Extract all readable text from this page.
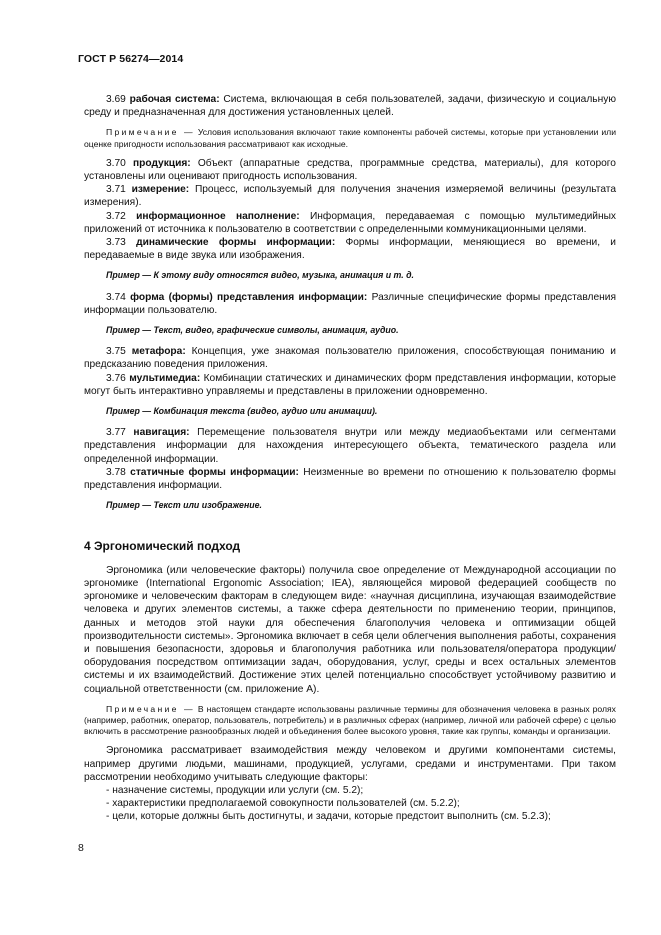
ГОСТ Р 56274—2014

3.69 рабочая система: Система, включающая в себя пользователей, задачи, физическую и социальную среду и предназначенная для достижения установленных целей.

Примечание — Условия использования включают такие компоненты рабочей системы, которые при установлении или оценке пригодности использования рассматривают как исходные.

3.70 продукция: Объект (аппаратные средства, программные средства, материалы), для которого установлены или оценивают пригодность использования.

3.71 измерение: Процесс, используемый для получения значения измеряемой величины (результата измерения).

3.72 информационное наполнение: Информация, передаваемая с помощью мультимедийных приложений от источника к пользователю в соответствии с определенными коммуникационными целями.

3.73 динамические формы информации: Формы информации, меняющиеся во времени, и передаваемые в виде звука или изображения.

Пример — К этому виду относятся видео, музыка, анимация и т. д.

3.74 форма (формы) представления информации: Различные специфические формы представления информации пользователю.

Пример — Текст, видео, графические символы, анимация, аудио.

3.75 метафора: Концепция, уже знакомая пользователю приложения, способствующая пониманию и предсказанию поведения приложения.

3.76 мультимедиа: Комбинации статических и динамических форм представления информации, которые могут быть интерактивно управляемы и представлены в приложении одновременно.

Пример — Комбинация текста (видео, аудио или анимации).

3.77 навигация: Перемещение пользователя внутри или между медиаобъектами или сегментами представления информации для нахождения интересующего объекта, тематического раздела или определенной информации.

3.78 статичные формы информации: Неизменные во времени по отношению к пользователю формы представления информации.

Пример — Текст или изображение.

4 Эргономический подход

Эргономика (или человеческие факторы) получила свое определение от Международной ассоциации по эргономике (International Ergonomic Association; IEA), являющейся мировой федерацией сообществ по эргономике и человеческим факторам в следующем виде: «научная дисциплина, изучающая взаимодействие человека и других элементов системы, а также сфера деятельности по применению теории, принципов, данных и методов этой науки для обеспечения благополучия человека и оптимизации общей производительности системы». Эргономика включает в себя цели облегчения выполнения работы, сохранения и повышения безопасности, здоровья и благополучия работника или пользователя/оператора продукции/оборудования посредством оптимизации задач, оборудования, услуг, среды и всех остальных элементов системы и их взаимодействий. Достижение этих целей потенциально способствует устойчивому развитию и социальной ответственности (см. приложение А).

Примечание — В настоящем стандарте использованы различные термины для обозначения человека в разных ролях (например, работник, оператор, пользователь, потребитель) и в различных сферах (например, личной или рабочей сфере) с целью включить в рассмотрение разнообразных людей и объединения более высокого уровня, такие как группы, команды и организации.

Эргономика рассматривает взаимодействия между человеком и другими компонентами системы, например другими людьми, машинами, продукцией, услугами, средами и инструментами. При таком рассмотрении необходимо учитывать следующие факторы:

- назначение системы, продукции или услуги (см. 5.2);
- характеристики предполагаемой совокупности пользователей (см. 5.2.2);
- цели, которые должны быть достигнуты, и задачи, которые предстоит выполнить (см. 5.2.3);
8
